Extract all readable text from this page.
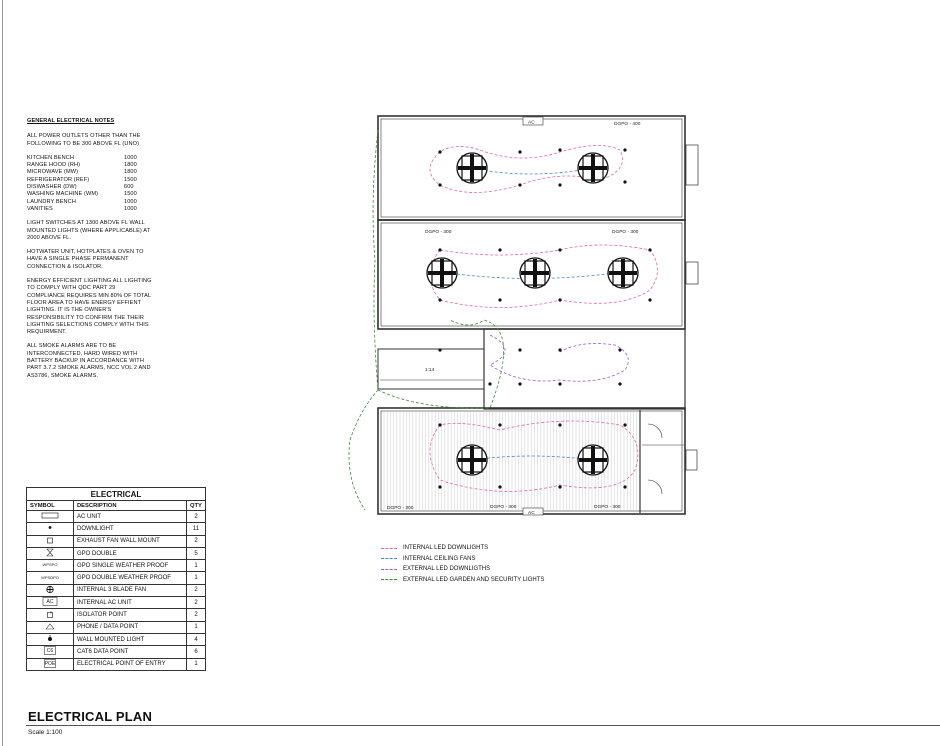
GENERAL ELECTRICAL NOTES

ALL POWER OUTLETS OTHER THAN THE FOLLOWING TO BE 300 ABOVE FL (UNO)

KITCHEN BENCH	1000
RANGE HOOD (RH)	1800
MICROWAVE (MW)	1800
REFRIGERATOR (REF)	1500
DISWASHER (DW)	600
WASHING MACHINE (WM)	1500
LAUNDRY BENCH	1000
VANITIES	1000

LIGHT SWITCHES AT 1300 ABOVE FL WALL MOUNTED LIGHTS (WHERE APPLICABLE) AT 2000 ABOVE FL.

HOTWATER UNIT, HOTPLATES & OVEN TO HAVE A SINGLE PHASE PERMANENT CONNECTION & ISOLATOR.

ENERGY EFFICIENT LIGHTING ALL LIGHTING TO COMPLY WITH QDC PART 29 COMPLIANCE REQUIRES MIN 80% OF TOTAL FLOOR AREA TO HAVE ENERGY EFFIENT LIGHTING. IT IS THE OWNER'S RESPONSIBILITY TO CONFIRM THE THEIR LIGHTING SELECTIONS COMPLY WITH THIS REQUIRMENT.

ALL SMOKE ALARMS ARE TO BE INTERCONNECTED, HARD WIRED WITH BATTERY BACKUP IN ACCORDANCE WITH PART 3.7.2 SMOKE ALARMS, NCC VOL 2 AND AS3786, SMOKE ALARMS.

AC	DGPO - 400
DGPO - 300	DGPO - 300
1:14
DGPO - 300	DGPO - 300	DGPO - 300
AC
ELECTRICAL		
SYMBOL	DESCRIPTION	QTY
	AC UNIT	2
	DOWNLIGHT	11
	EXHAUST FAN WALL MOUNT	2
	GPO DOUBLE	5

WPSPO	GPO SINGLE WEATHER PROOF	1

WPSDPO	GPO DOUBLE WEATHER PROOF	1
	INTERNAL 3 BLADE FAN	2

AC	INTERNAL AC UNIT	2
	ISOLATOR POINT	2
	PHONE / DATA POINT	1
	WALL MOUNTED LIGHT	4

C6	CAT6 DATA POINT	6

POE	ELECTRICAL POINT OF ENTRY	1
INTERNAL LED DOWNLIGHTS
INTERNAL CEILING FANS
EXTERNAL LED DOWNLIGTHS
EXTERNAL LED GARDEN AND SECURITY LIGHTS
ELECTRICAL PLAN
Scale 1:100
